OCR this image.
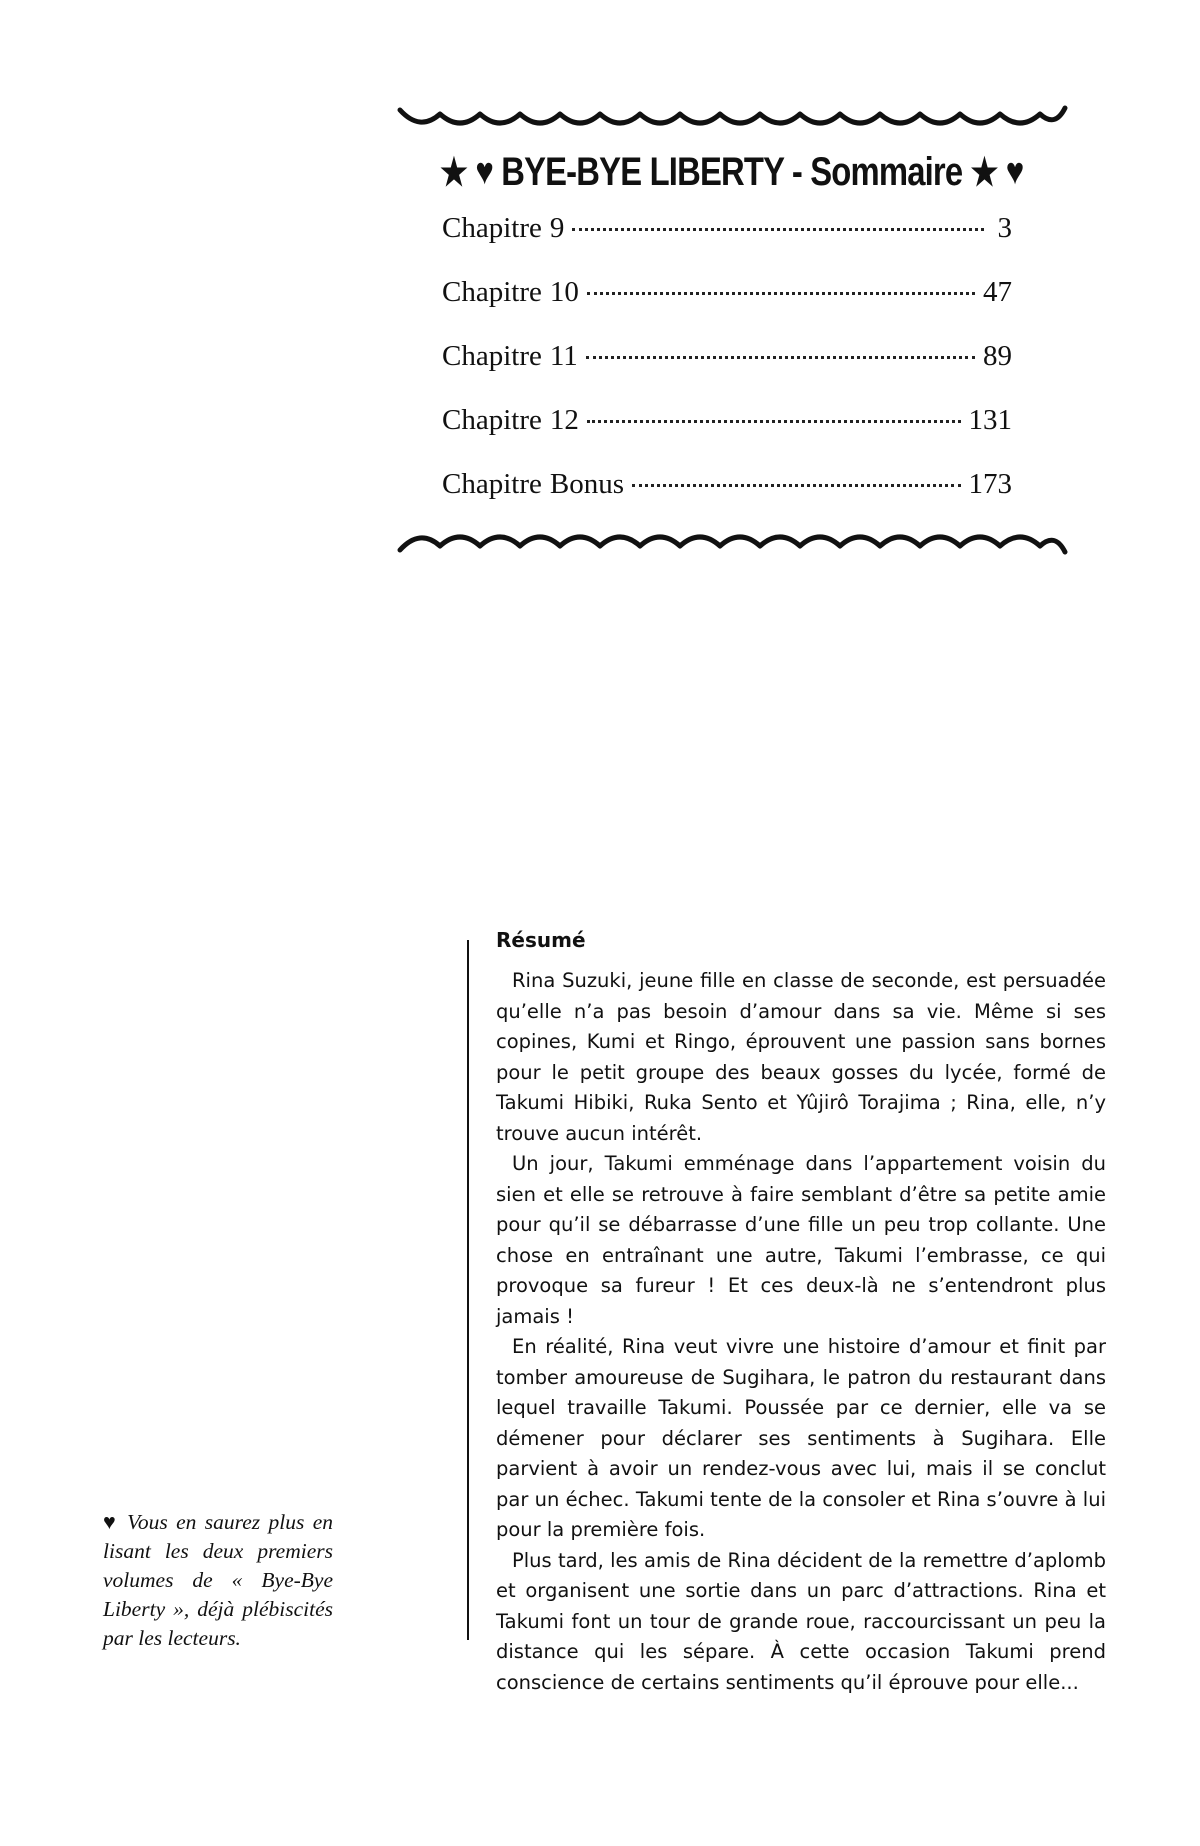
★ ♥ BYE-BYE LIBERTY - Sommaire ★ ♥
Chapitre 9	3
Chapitre 10	47
Chapitre 11	89
Chapitre 12	131
Chapitre Bonus	173
♥ Vous en saurez plus en lisant les deux premiers volumes de « Bye-Bye Liberty », déjà plébiscités par les lecteurs.
Résumé

Rina Suzuki, jeune fille en classe de seconde, est persuadée qu’elle n’a pas besoin d’amour dans sa vie. Même si ses copines, Kumi et Ringo, éprouvent une passion sans bornes pour le petit groupe des beaux gosses du lycée, formé de Takumi Hibiki, Ruka Sento et Yûjirô Torajima ; Rina, elle, n’y trouve aucun intérêt.

Un jour, Takumi emménage dans l’appartement voisin du sien et elle se retrouve à faire semblant d’être sa petite amie pour qu’il se débarrasse d’une fille un peu trop collante. Une chose en entraînant une autre, Takumi l’embrasse, ce qui provoque sa fureur ! Et ces deux-là ne s’entendront plus jamais !

En réalité, Rina veut vivre une histoire d’amour et finit par tomber amoureuse de Sugihara, le patron du restaurant dans lequel travaille Takumi. Poussée par ce dernier, elle va se démener pour déclarer ses sentiments à Sugihara. Elle parvient à avoir un rendez-vous avec lui, mais il se conclut par un échec. Takumi tente de la consoler et Rina s’ouvre à lui pour la première fois.

Plus tard, les amis de Rina décident de la remettre d’aplomb et organisent une sortie dans un parc d’attractions. Rina et Takumi font un tour de grande roue, raccourcissant un peu la distance qui les sépare. À cette occasion Takumi prend conscience de certains sentiments qu’il éprouve pour elle...
